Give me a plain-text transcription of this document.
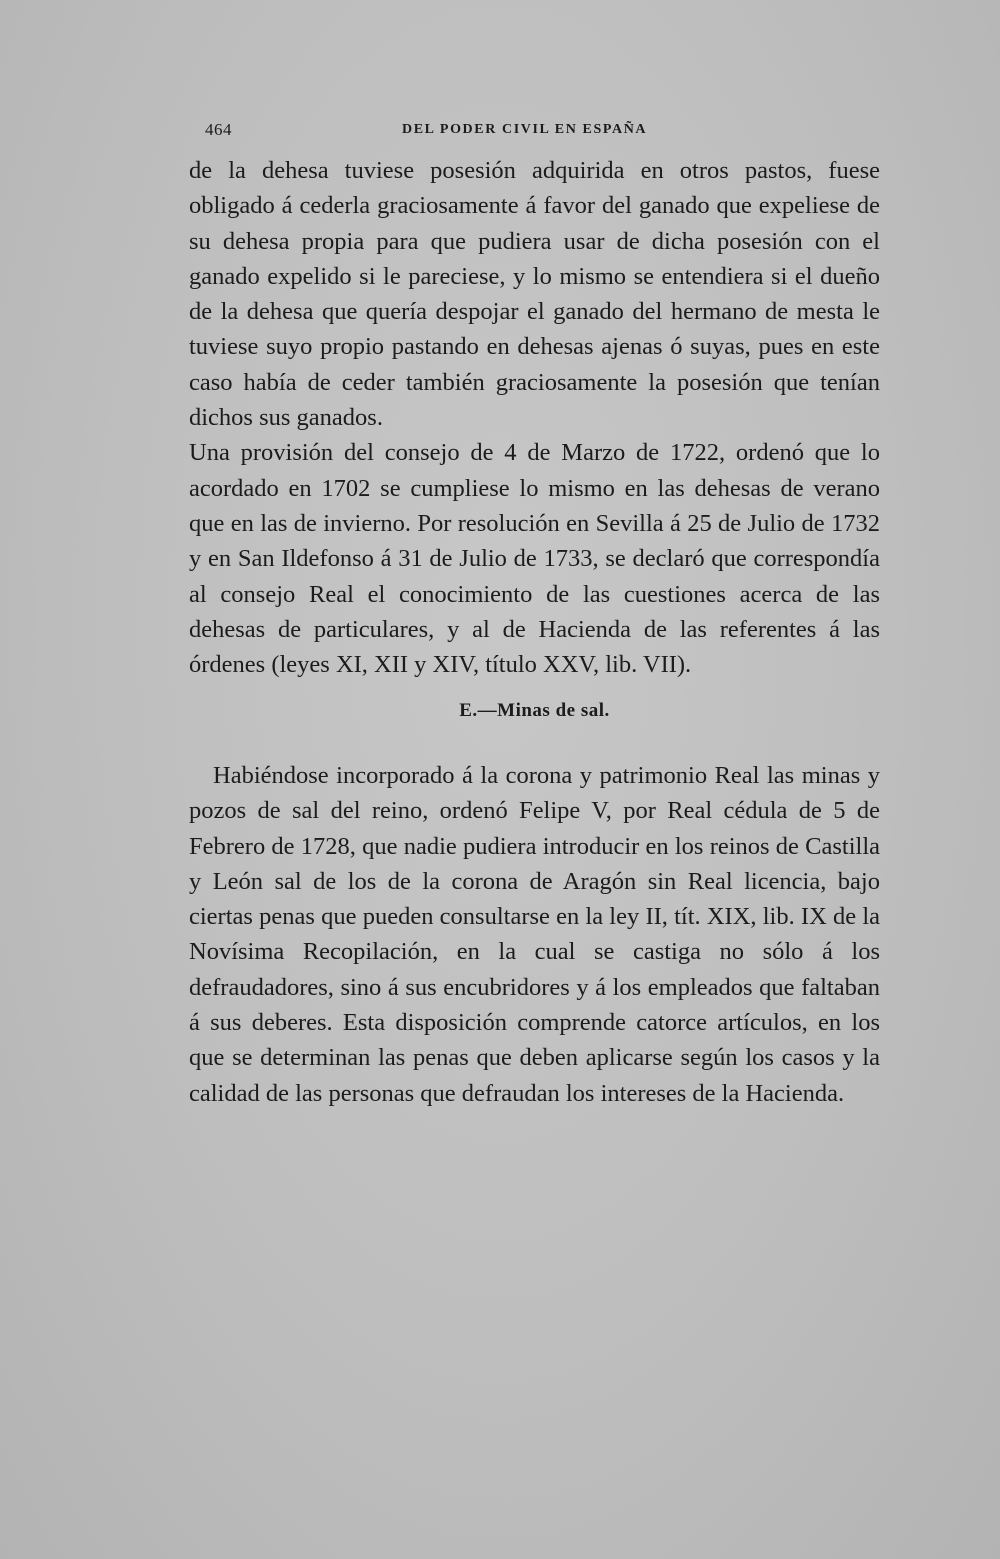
464	DEL PODER CIVIL EN ESPAÑA

de la dehesa tuviese posesión adquirida en otros pastos, fuese obligado á cederla graciosamente á favor del ganado que expeliese de su dehesa propia para que pudiera usar de dicha posesión con el ganado expelido si le pareciese, y lo mismo se entendiera si el dueño de la dehesa que quería despojar el ganado del hermano de mesta le tuviese suyo propio pastando en dehesas ajenas ó suyas, pues en este caso había de ceder también graciosamente la posesión que tenían dichos sus ganados.

Una provisión del consejo de 4 de Marzo de 1722, ordenó que lo acordado en 1702 se cumpliese lo mismo en las dehesas de verano que en las de invierno. Por resolución en Sevilla á 25 de Julio de 1732 y en San Ildefonso á 31 de Julio de 1733, se declaró que correspondía al consejo Real el conocimiento de las cuestiones acerca de las dehesas de particulares, y al de Hacienda de las referentes á las órdenes (leyes XI, XII y XIV, título XXV, lib. VII).

E.—Minas de sal.

Habiéndose incorporado á la corona y patrimonio Real las minas y pozos de sal del reino, ordenó Felipe V, por Real cédula de 5 de Febrero de 1728, que nadie pudiera introducir en los reinos de Castilla y León sal de los de la corona de Aragón sin Real licencia, bajo ciertas penas que pueden consultarse en la ley II, tít. XIX, lib. IX de la Novísima Recopilación, en la cual se castiga no sólo á los defraudadores, sino á sus encubridores y á los empleados que faltaban á sus deberes. Esta disposición comprende catorce artículos, en los que se determinan las penas que deben aplicarse según los casos y la calidad de las personas que defraudan los intereses de la Hacienda.
